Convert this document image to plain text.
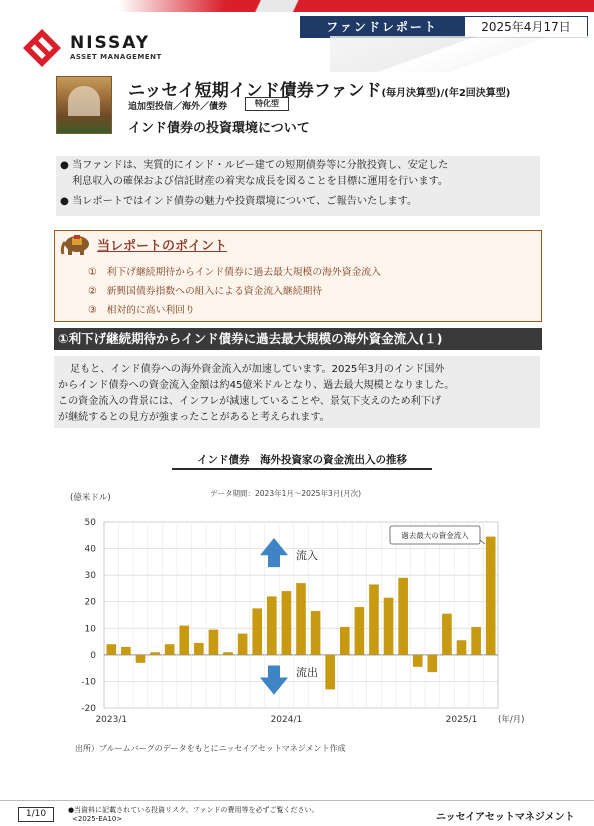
ファンドレポート	2025年4月17日
NISSAY
ASSET MANAGEMENT
ニッセイ短期インド債券ファンド(毎月決算型)/(年2回決算型)
追加型投信／海外／債券	特化型
インド債券の投資環境について
● 当ファンドは、実質的にインド・ルピー建ての短期債券等に分散投資し、安定した
利息収入の確保および信託財産の着実な成長を図ることを目標に運用を行います。
● 当レポートではインド債券の魅力や投資環境について、ご報告いたします。
当レポートのポイント
①　利下げ継続期待からインド債券に過去最大規模の海外資金流入
②　新興国債券指数への組入による資金流入継続期待
③　相対的に高い利回り
①利下げ継続期待からインド債券に過去最大規模の海外資金流入(１)
足もと、インド債券への海外資金流入が加速しています。2025年3月のインド国外
からインド債券への資金流入金額は約45億米ドルとなり、過去最大規模となりました。
この資金流入の背景には、インフレが減速していることや、景気下支えのため利下げ
が継続するとの見方が強まったことがあると考えられます。
インド債券　海外投資家の資金流出入の推移
50
40
30
20
10
0
-10
-20
2023/1	2024/1	2025/1
(億米ドル)
(年/月)
データ期間：2023年1月～2025年3月(月次)
流入
流出
過去最大の資金流入
出所）ブルームバーグのデータをもとにニッセイアセットマネジメント作成
1/10	●当資料に記載されている投資リスク、ファンドの費用等を必ずご覧ください。
<2025-EA10>	ニッセイアセットマネジメント
